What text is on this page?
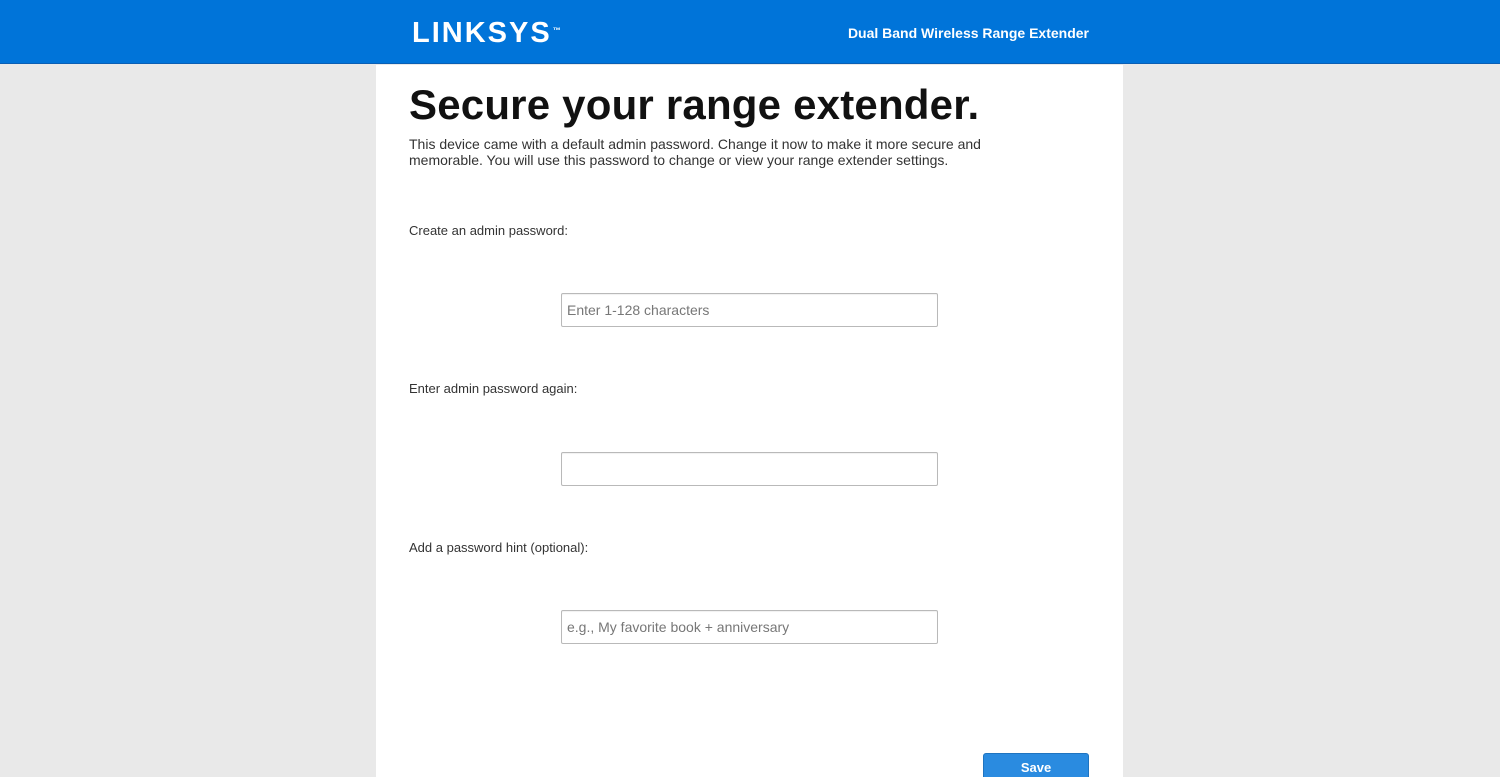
LINKSYS™	Dual Band Wireless Range Extender
Secure your range extender.

This device came with a default admin password. Change it now to make it more secure and memorable. You will use this password to change or view your range extender settings.

Create an admin password:
Enter admin password again:
Add a password hint (optional):
e.g., My favorite book + anniversary
Save
